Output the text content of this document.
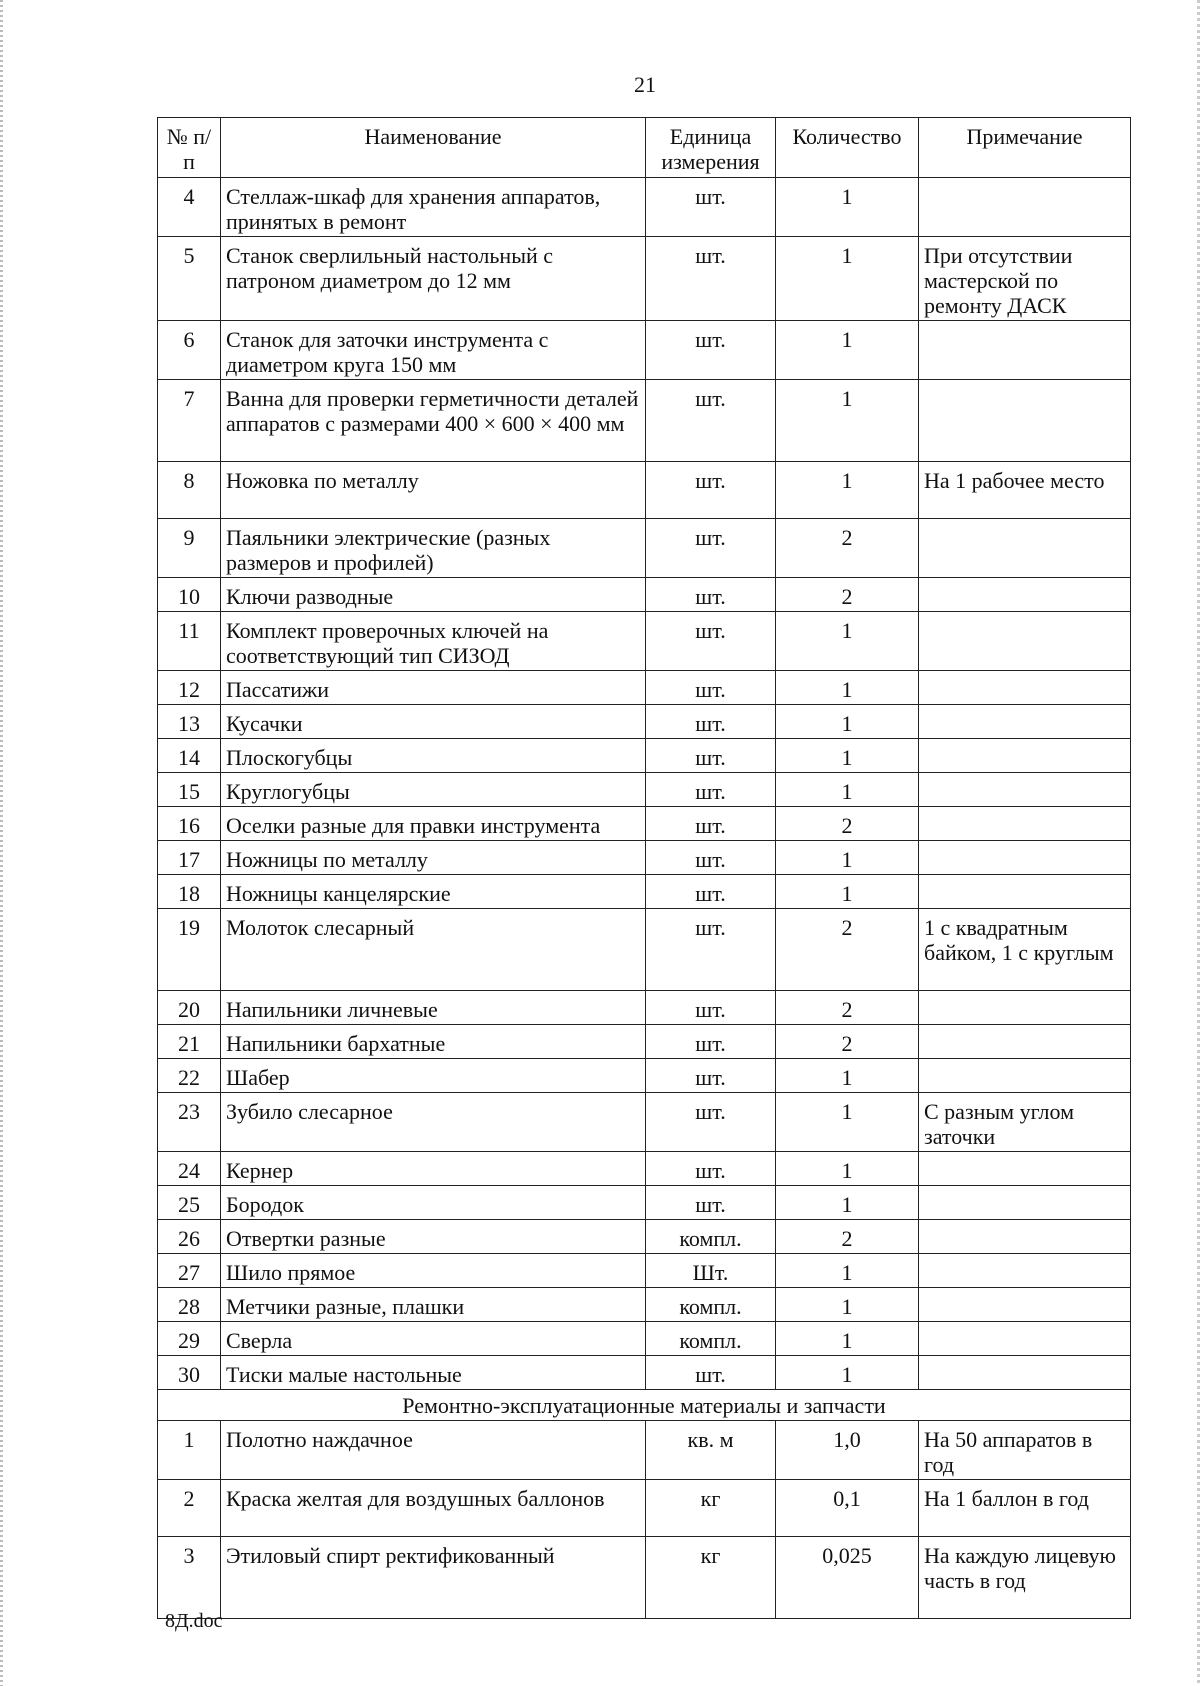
21
№ п/п	Наименование	Единица измерения	Количество	Примечание
4	Стеллаж-шкаф для хранения аппаратов, принятых в ремонт	шт.	1	
5	Станок сверлильный настольный с патроном диаметром до 12 мм	шт.	1	При отсутствии мастерской по ремонту ДАСК
6	Станок для заточки инструмента с диаметром круга 150 мм	шт.	1	
7	Ванна для проверки герметичности деталей аппаратов с размерами 400 × 600 × 400 мм	шт.	1	
8	Ножовка по металлу	шт.	1	На 1 рабочее место
9	Паяльники электрические (разных размеров и профилей)	шт.	2	
10	Ключи разводные	шт.	2	
11	Комплект проверочных ключей на соответствующий тип СИЗОД	шт.	1	
12	Пассатижи	шт.	1	
13	Кусачки	шт.	1	
14	Плоскогубцы	шт.	1	
15	Круглогубцы	шт.	1	
16	Оселки разные для правки инструмента	шт.	2	
17	Ножницы по металлу	шт.	1	
18	Ножницы канцелярские	шт.	1	
19	Молоток слесарный	шт.	2	1 с квадратным байком, 1 с круглым
20	Напильники личневые	шт.	2	
21	Напильники бархатные	шт.	2	
22	Шабер	шт.	1	
23	Зубило слесарное	шт.	1	С разным углом заточки
24	Кернер	шт.	1	
25	Бородок	шт.	1	
26	Отвертки разные	компл.	2	
27	Шило прямое	Шт.	1	
28	Метчики разные, плашки	компл.	1	
29	Сверла	компл.	1	
30	Тиски малые настольные	шт.	1	
Ремонтно-эксплуатационные материалы и запчасти				
1	Полотно наждачное	кв. м	1,0	На 50 аппаратов в год
2	Краска желтая для воздушных баллонов	кг	0,1	На 1 баллон в год
3	Этиловый спирт ректификованный	кг	0,025	На каждую лицевую часть в год
8Д.doc
